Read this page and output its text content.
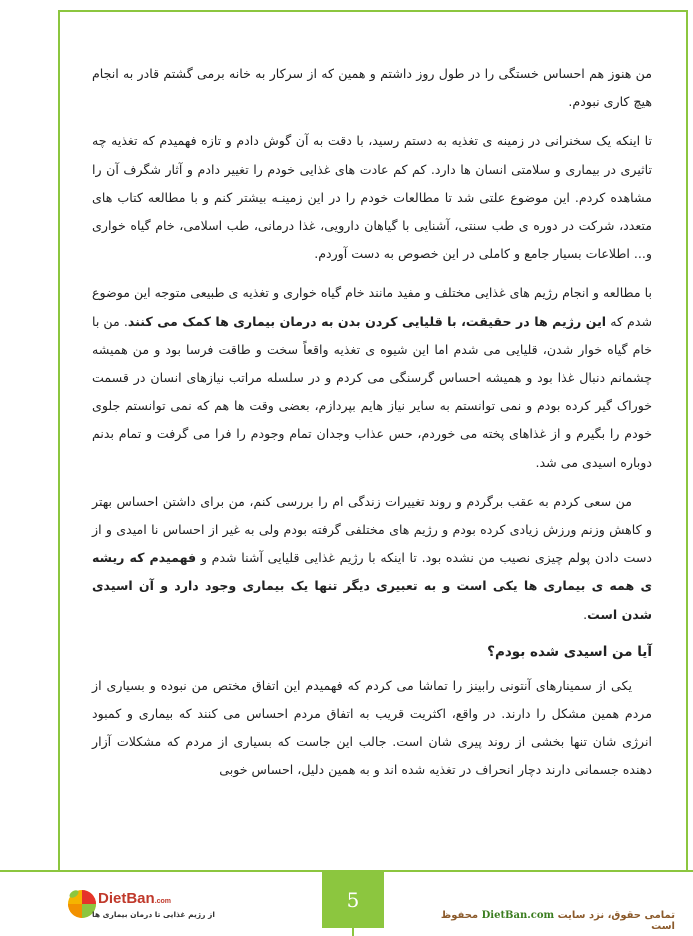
من هنوز هم احساس خستگی را در طول روز داشتم و همین که از سرکار به خانه برمی گشتم قادر به انجام هیچ کاری نبودم.

تا اینکه یک سخنرانی در زمینه ی تغذیه به دستم رسید، با دقت به آن گوش دادم و تازه فهمیدم که تغذیه چه تاثیری در بیماری و سلامتی انسان ها دارد. کم کم عادت های غذایی خودم را تغییر دادم و آثار شگرف آن را مشاهده کردم. این موضوع علتی شد تا مطالعات خودم را در این زمینـه بیشتر کنم و با مطالعه کتاب های متعدد، شرکت در دوره ی طب سنتی، آشنایی با گیاهان دارویی، غذا درمانی، طب اسلامی، خام گیاه خواری و... اطلاعات بسیار جامع و کاملی در این خصوص به دست آوردم.

با مطالعه و انجام رژیم های غذایی مختلف و مفید مانند خام گیاه خواری و تغذیه ی طبیعی متوجه این موضوع شدم که این رژیم ها در حقیقت، با قلیایی کردن بدن به درمان بیماری ها کمک می کنند. من با خام گیاه خوار شدن، قلیایی می شدم اما این شیوه ی تغذیه واقعاً سخت و طاقت فرسا بود و من همیشه چشمانم دنبال غذا بود و همیشه احساس گرسنگی می کردم و در سلسله مراتب نیازهای انسان در قسمت خوراک گیر کرده بودم و نمی توانستم به سایر نیاز هایم بپردازم، بعضی وقت ها هم که نمی توانستم جلوی خودم را بگیرم و از غذاهای پخته می خوردم، حس عذاب وجدان تمام وجودم را فرا می گرفت و تمام بدنم دوباره اسیدی می شد.

من سعی کردم به عقب برگردم و روند تغییرات زندگی ام را بررسی کنم، من برای داشتن احساس بهتر و کاهش وزنم ورزش زیادی کرده بودم و رژیم های مختلفی گرفته بودم ولی به غیر از احساس نا امیدی و از دست دادن پولم چیزی نصیب من نشده بود. تا اینکه با رژیم غذایی قلیایی آشنا شدم و فهمیدم که ریشه ی همه ی بیماری ها یکی است و به تعبیری دیگر تنها یک بیماری وجود دارد و آن اسیدی شدن است.

آیا من اسیدی شده بودم؟

یکی از سمینارهای آنتونی رابینز را تماشا می کردم که فهمیدم این اتفاق مختص من نبوده و بسیاری از مردم همین مشکل را دارند. در واقع، اکثریت قریب به اتفاق مردم احساس می کنند که بیماری و کمبود انرژی شان تنها بخشی از روند پیری شان است. جالب این جاست که بسیاری از مردم که مشکلات آزار دهنده جسمانی دارند دچار انحراف در تغذیه شده اند و به همین دلیل، احساس خوبی

5
تمامی حقوق، نزد سایت DietBan.com محفوظ است
DietBan.com
از رژیم غذایی تا درمان بیماری ها
